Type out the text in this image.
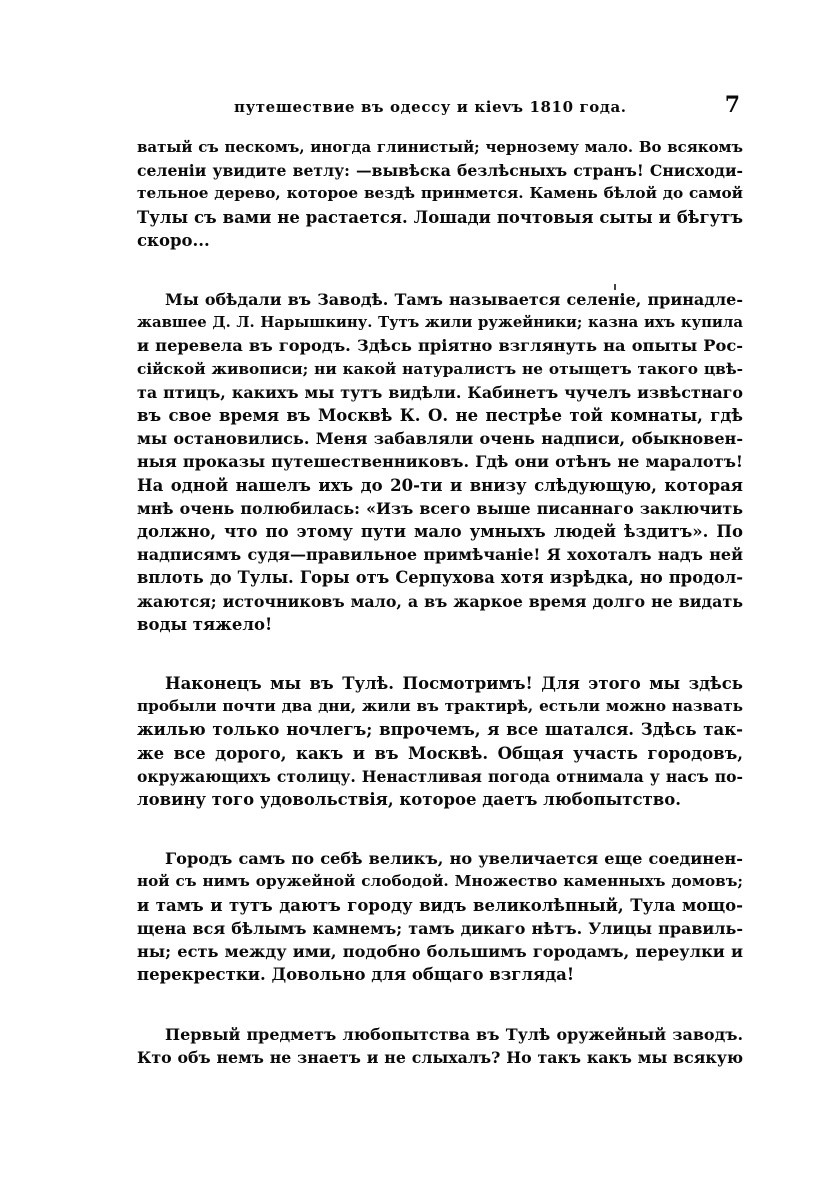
путешествие въ одессу и кievъ 1810 года.	7
ватый съ пескомъ, иногда глинистый; чернозему мало. Во всякомъ
селенiи увидите ветлу: —вывѣска безлѣсныхъ странъ! Снисходи-
тельное дерево, которое вездѣ принмется. Камень бѣлой до самой
Тулы съ вами не растается. Лошади почтовыя сыты и бѣгутъ
скоро...
Мы обѣдали въ Заводѣ. Тамъ называется селенiе, принадле-
жавшее Д. Л. Нарышкину. Тутъ жили ружейники; казна ихъ купила
и перевела въ городъ. Здѣсь прiятно взглянуть на опыты Рос-
сiйской живописи; ни какой натуралистъ не отыщетъ такого цвѣ-
та птицъ, какихъ мы тутъ видѣли. Кабинетъ чучелъ извѣстнаго
въ свое время въ Москвѣ К. О. не пестрѣе той комнаты, гдѣ
мы остановились. Меня забавляли очень надписи, обыкновен-
ныя проказы путешественниковъ. Гдѣ они отѣнъ не маралотъ!
На одной нашелъ ихъ до 20-ти и внизу слѣдующую, которая
мнѣ очень полюбилась: «Изъ всего выше писаннаго заключить
должно, что по этому пути мало умныхъ людей ѣздитъ». По
надписямъ судя—правильное примѣчанiе! Я хохоталъ надъ ней
вплоть до Тулы. Горы отъ Серпухова хотя изрѣдка, но продол-
жаются; источниковъ мало, а въ жаркое время долго не видать
воды тяжело!
Наконецъ мы въ Тулѣ. Посмотримъ! Для этого мы здѣсь
пробыли почти два дни, жили въ трактирѣ, естьли можно назвать
жилью только ночлегъ; впрочемъ, я все шатался. Здѣсь так-
же все дорого, какъ и въ Москвѣ. Общая участь городовъ,
окружающихъ столицу. Ненастливая погода отнимала у насъ по-
ловину того удовольствiя, которое даетъ любопытство.
Городъ самъ по себѣ великъ, но увеличается еще соединен-
ной съ нимъ оружейной слободой. Множество каменныхъ домовъ;
и тамъ и тутъ даютъ городу видъ великолѣпный, Тула мощо-
щена вся бѣлымъ камнемъ; тамъ дикаго нѣтъ. Улицы правиль-
ны; есть между ими, подобно большимъ городамъ, переулки и
перекрестки. Довольно для общаго взгляда!
Первый предметъ любопытства въ Тулѣ оружейный заводъ.
Кто объ немъ не знаетъ и не слыхалъ? Но такъ какъ мы всякую
